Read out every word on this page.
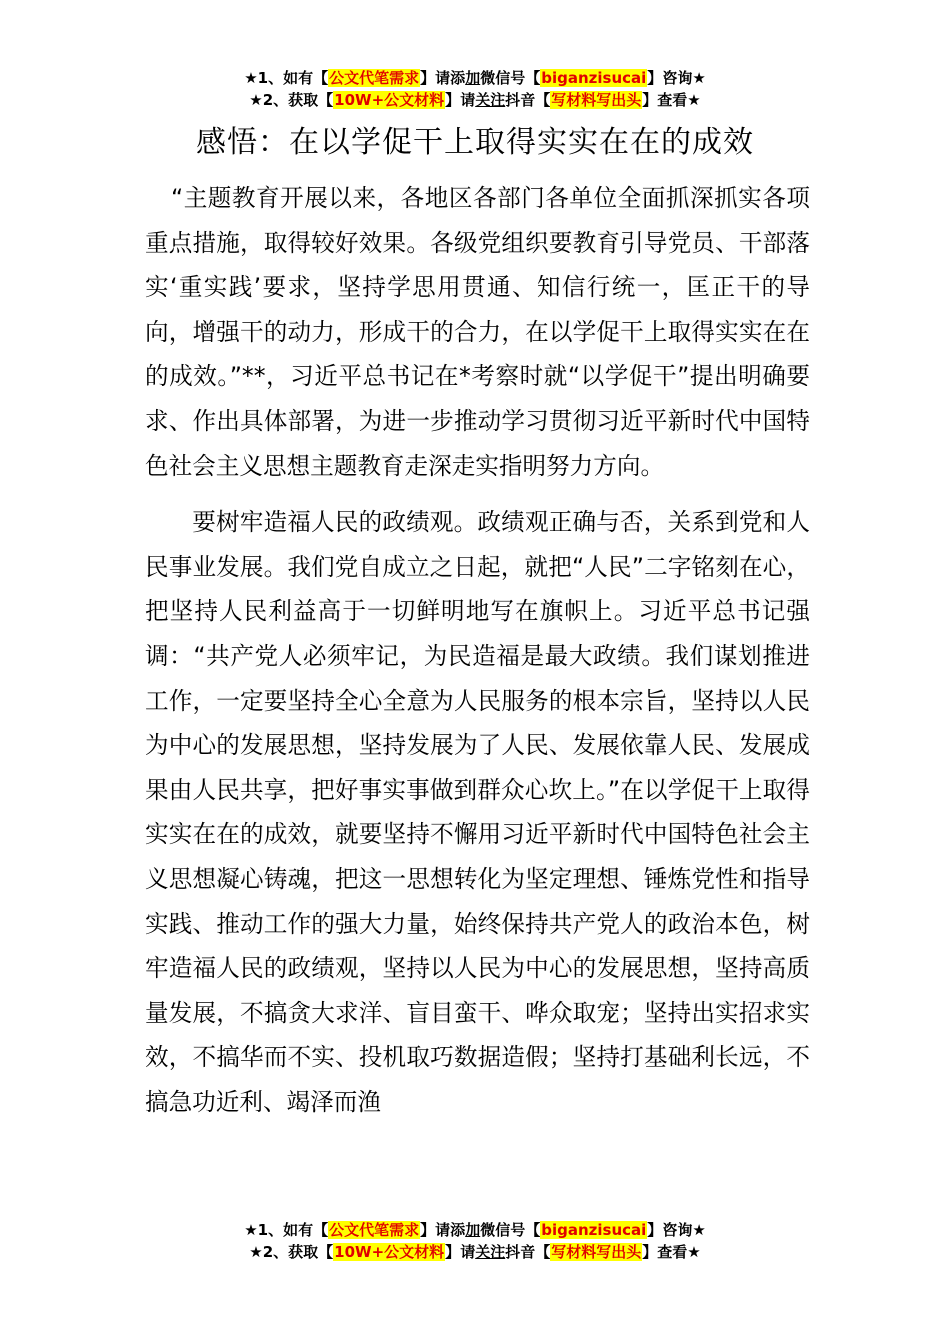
★1、如有【公文代笔需求】请添加微信号【biganzisucai】咨询★
★2、获取【10W+公文材料】请关注抖音【写材料写出头】查看★
感悟：在以学促干上取得实实在在的成效

“主题教育开展以来，各地区各部门各单位全面抓深抓实各项重点措施，取得较好效果。各级党组织要教育引导党员、干部落实‘重实践’要求，坚持学思用贯通、知信行统一，匡正干的导向，增强干的动力，形成干的合力，在以学促干上取得实实在在的成效。”**，习近平总书记在*考察时就“以学促干”提出明确要求、作出具体部署，为进一步推动学习贯彻习近平新时代中国特色社会主义思想主题教育走深走实指明努力方向。

要树牢造福人民的政绩观。政绩观正确与否，关系到党和人民事业发展。我们党自成立之日起，就把“人民”二字铭刻在心，把坚持人民利益高于一切鲜明地写在旗帜上。习近平总书记强调：“共产党人必须牢记，为民造福是最大政绩。我们谋划推进工作，一定要坚持全心全意为人民服务的根本宗旨，坚持以人民为中心的发展思想，坚持发展为了人民、发展依靠人民、发展成果由人民共享，把好事实事做到群众心坎上。”在以学促干上取得实实在在的成效，就要坚持不懈用习近平新时代中国特色社会主义思想凝心铸魂，把这一思想转化为坚定理想、锤炼党性和指导实践、推动工作的强大力量，始终保持共产党人的政治本色，树牢造福人民的政绩观，坚持以人民为中心的发展思想，坚持高质量发展，不搞贪大求洋、盲目蛮干、哗众取宠；坚持出实招求实效，不搞华而不实、投机取巧数据造假；坚持打基础利长远，不搞急功近利、竭泽而渔

★1、如有【公文代笔需求】请添加微信号【biganzisucai】咨询★
★2、获取【10W+公文材料】请关注抖音【写材料写出头】查看★
